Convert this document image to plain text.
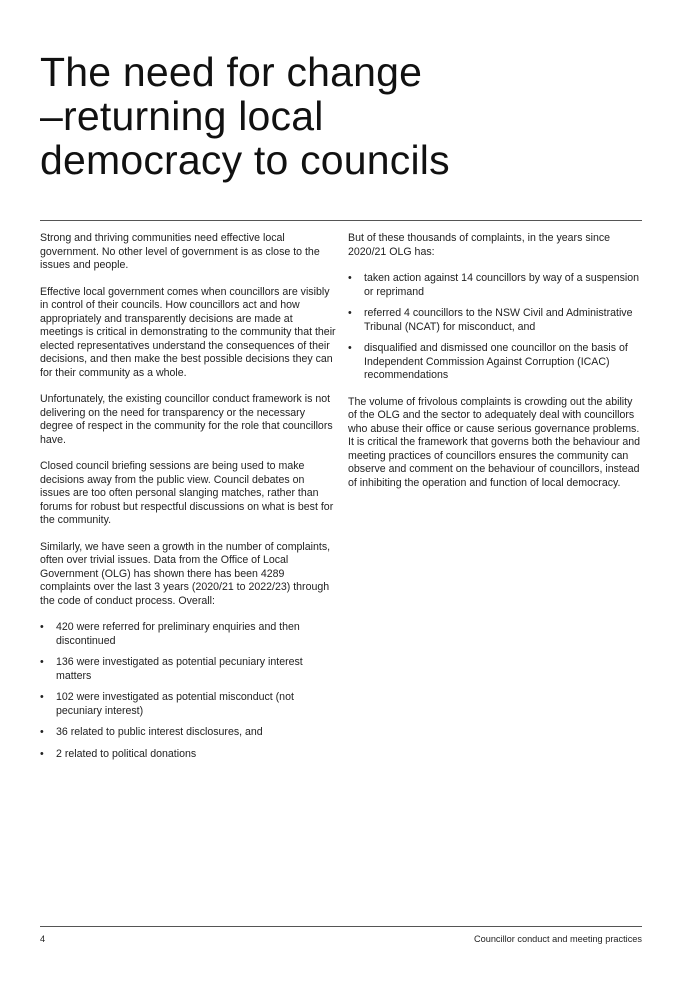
The need for change
–returning local
democracy to councils

Strong and thriving communities need effective local government. No other level of government is as close to the issues and people.

Effective local government comes when councillors are visibly in control of their councils. How councillors act and how appropriately and transparently decisions are made at meetings is critical in demonstrating to the community that their elected representatives understand the consequences of their decisions, and then make the best possible decisions they can for their community as a whole.

Unfortunately, the existing councillor conduct framework is not delivering on the need for transparency or the necessary degree of respect in the community for the role that councillors have.

Closed council briefing sessions are being used to make decisions away from the public view. Council debates on issues are too often personal slanging matches, rather than forums for robust but respectful discussions on what is best for the community.

Similarly, we have seen a growth in the number of complaints, often over trivial issues. Data from the Office of Local Government (OLG) has shown there has been 4289 complaints over the last 3 years (2020/21 to 2022/23) through the code of conduct process. Overall:

• 420 were referred for preliminary enquiries and then discontinued
• 136 were investigated as potential pecuniary interest matters
• 102 were investigated as potential misconduct (not pecuniary interest)
• 36 related to public interest disclosures, and
• 2 related to political donations

But of these thousands of complaints, in the years since 2020/21 OLG has:

• taken action against 14 councillors by way of a suspension or reprimand
• referred 4 councillors to the NSW Civil and Administrative Tribunal (NCAT) for misconduct, and
• disqualified and dismissed one councillor on the basis of Independent Commission Against Corruption (ICAC) recommendations

The volume of frivolous complaints is crowding out the ability of the OLG and the sector to adequately deal with councillors who abuse their office or cause serious governance problems. It is critical the framework that governs both the behaviour and meeting practices of councillors ensures the community can observe and comment on the behaviour of councillors, instead of inhibiting the operation and function of local democracy.

4	Councillor conduct and meeting practices
